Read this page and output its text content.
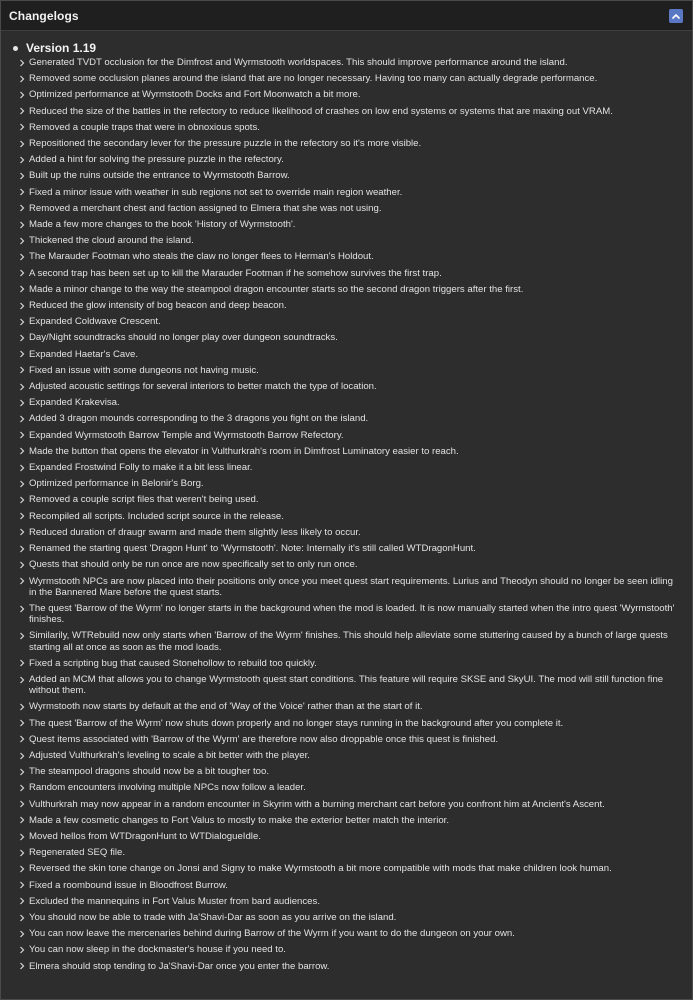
Changelogs
Version 1.19
Generated TVDT occlusion for the Dimfrost and Wyrmstooth worldspaces. This should improve performance around the island.
Removed some occlusion planes around the island that are no longer necessary. Having too many can actually degrade performance.
Optimized performance at Wyrmstooth Docks and Fort Moonwatch a bit more.
Reduced the size of the battles in the refectory to reduce likelihood of crashes on low end systems or systems that are maxing out VRAM.
Removed a couple traps that were in obnoxious spots.
Repositioned the secondary lever for the pressure puzzle in the refectory so it's more visible.
Added a hint for solving the pressure puzzle in the refectory.
Built up the ruins outside the entrance to Wyrmstooth Barrow.
Fixed a minor issue with weather in sub regions not set to override main region weather.
Removed a merchant chest and faction assigned to Elmera that she was not using.
Made a few more changes to the book 'History of Wyrmstooth'.
Thickened the cloud around the island.
The Marauder Footman who steals the claw no longer flees to Herman's Holdout.
A second trap has been set up to kill the Marauder Footman if he somehow survives the first trap.
Made a minor change to the way the steampool dragon encounter starts so the second dragon triggers after the first.
Reduced the glow intensity of bog beacon and deep beacon.
Expanded Coldwave Crescent.
Day/Night soundtracks should no longer play over dungeon soundtracks.
Expanded Haetar's Cave.
Fixed an issue with some dungeons not having music.
Adjusted acoustic settings for several interiors to better match the type of location.
Expanded Krakevisa.
Added 3 dragon mounds corresponding to the 3 dragons you fight on the island.
Expanded Wyrmstooth Barrow Temple and Wyrmstooth Barrow Refectory.
Made the button that opens the elevator in Vulthurkrah's room in Dimfrost Luminatory easier to reach.
Expanded Frostwind Folly to make it a bit less linear.
Optimized performance in Belonir's Borg.
Removed a couple script files that weren't being used.
Recompiled all scripts. Included script source in the release.
Reduced duration of draugr swarm and made them slightly less likely to occur.
Renamed the starting quest 'Dragon Hunt' to 'Wyrmstooth'. Note: Internally it's still called WTDragonHunt.
Quests that should only be run once are now specifically set to only run once.
Wyrmstooth NPCs are now placed into their positions only once you meet quest start requirements. Lurius and Theodyn should no longer be seen idling in the Bannered Mare before the quest starts.
The quest 'Barrow of the Wyrm' no longer starts in the background when the mod is loaded. It is now manually started when the intro quest 'Wyrmstooth' finishes.
Similarily, WTRebuild now only starts when 'Barrow of the Wyrm' finishes. This should help alleviate some stuttering caused by a bunch of large quests starting all at once as soon as the mod loads.
Fixed a scripting bug that caused Stonehollow to rebuild too quickly.
Added an MCM that allows you to change Wyrmstooth quest start conditions. This feature will require SKSE and SkyUI. The mod will still function fine without them.
Wyrmstooth now starts by default at the end of 'Way of the Voice' rather than at the start of it.
The quest 'Barrow of the Wyrm' now shuts down properly and no longer stays running in the background after you complete it.
Quest items associated with 'Barrow of the Wyrm' are therefore now also droppable once this quest is finished.
Adjusted Vulthurkrah's leveling to scale a bit better with the player.
The steampool dragons should now be a bit tougher too.
Random encounters involving multiple NPCs now follow a leader.
Vulthurkrah may now appear in a random encounter in Skyrim with a burning merchant cart before you confront him at Ancient's Ascent.
Made a few cosmetic changes to Fort Valus to mostly to make the exterior better match the interior.
Moved hellos from WTDragonHunt to WTDialogueIdle.
Regenerated SEQ file.
Reversed the skin tone change on Jonsi and Signy to make Wyrmstooth a bit more compatible with mods that make children look human.
Fixed a roombound issue in Bloodfrost Burrow.
Excluded the mannequins in Fort Valus Muster from bard audiences.
You should now be able to trade with Ja'Shavi-Dar as soon as you arrive on the island.
You can now leave the mercenaries behind during Barrow of the Wyrm if you want to do the dungeon on your own.
You can now sleep in the dockmaster's house if you need to.
Elmera should stop tending to Ja'Shavi-Dar once you enter the barrow.
